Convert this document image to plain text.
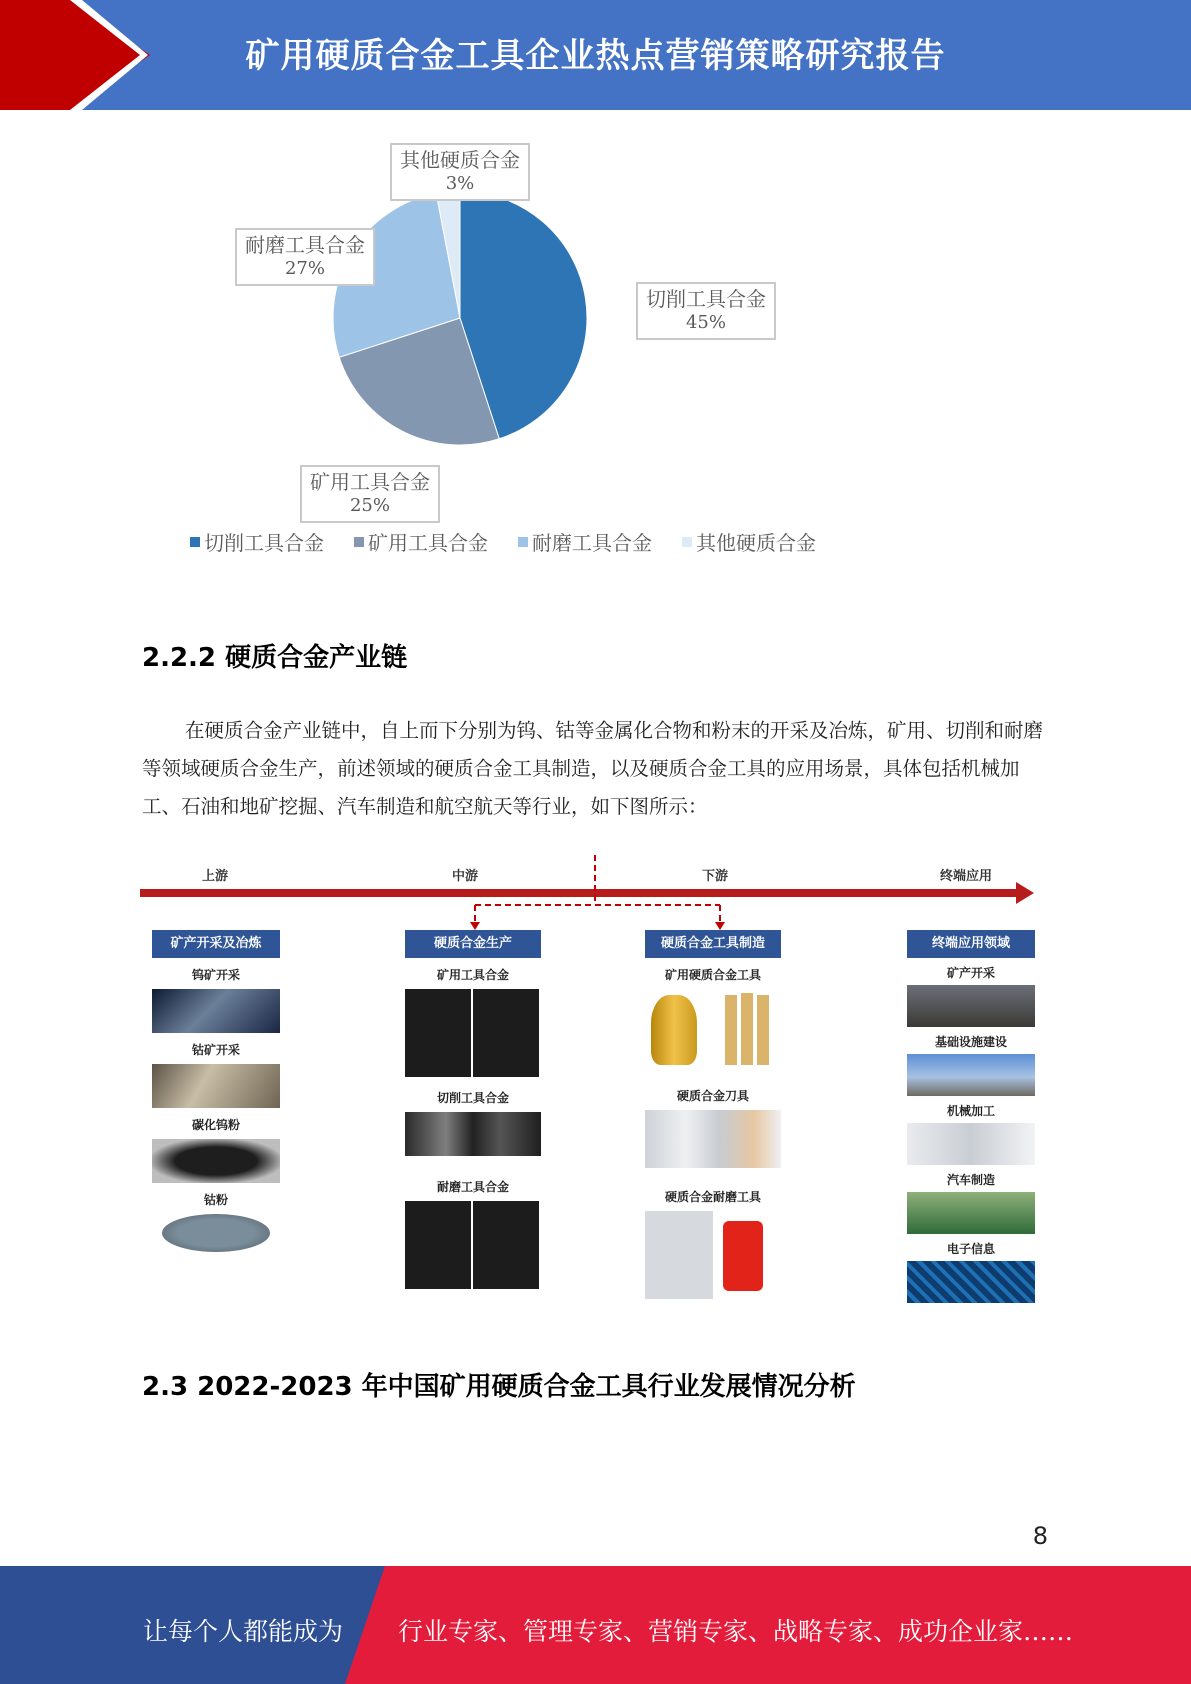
矿用硬质合金工具企业热点营销策略研究报告
其他硬质合金
3%
耐磨工具合金
27%
切削工具合金
45%
矿用工具合金
25%
切削工具合金 矿用工具合金 耐磨工具合金 其他硬质合金
2.2.2 硬质合金产业链
在硬质合金产业链中，自上而下分别为钨、钴等金属化合物和粉末的开采及冶炼，矿用、切削和耐磨等领域硬质合金生产，前述领域的硬质合金工具制造，以及硬质合金工具的应用场景，具体包括机械加工、石油和地矿挖掘、汽车制造和航空航天等行业，如下图所示：
上游	中游	下游	终端应用
矿产开采及冶炼
钨矿开采
钴矿开采
碳化钨粉
钴粉
硬质合金生产
矿用工具合金
切削工具合金
耐磨工具合金
硬质合金工具制造
矿用硬质合金工具
硬质合金刀具
硬质合金耐磨工具
终端应用领域
矿产开采
基础设施建设
机械加工
汽车制造
电子信息
2.3 2022-2023 年中国矿用硬质合金工具行业发展情况分析
8
让每个人都能成为 行业专家、管理专家、营销专家、战略专家、成功企业家……
